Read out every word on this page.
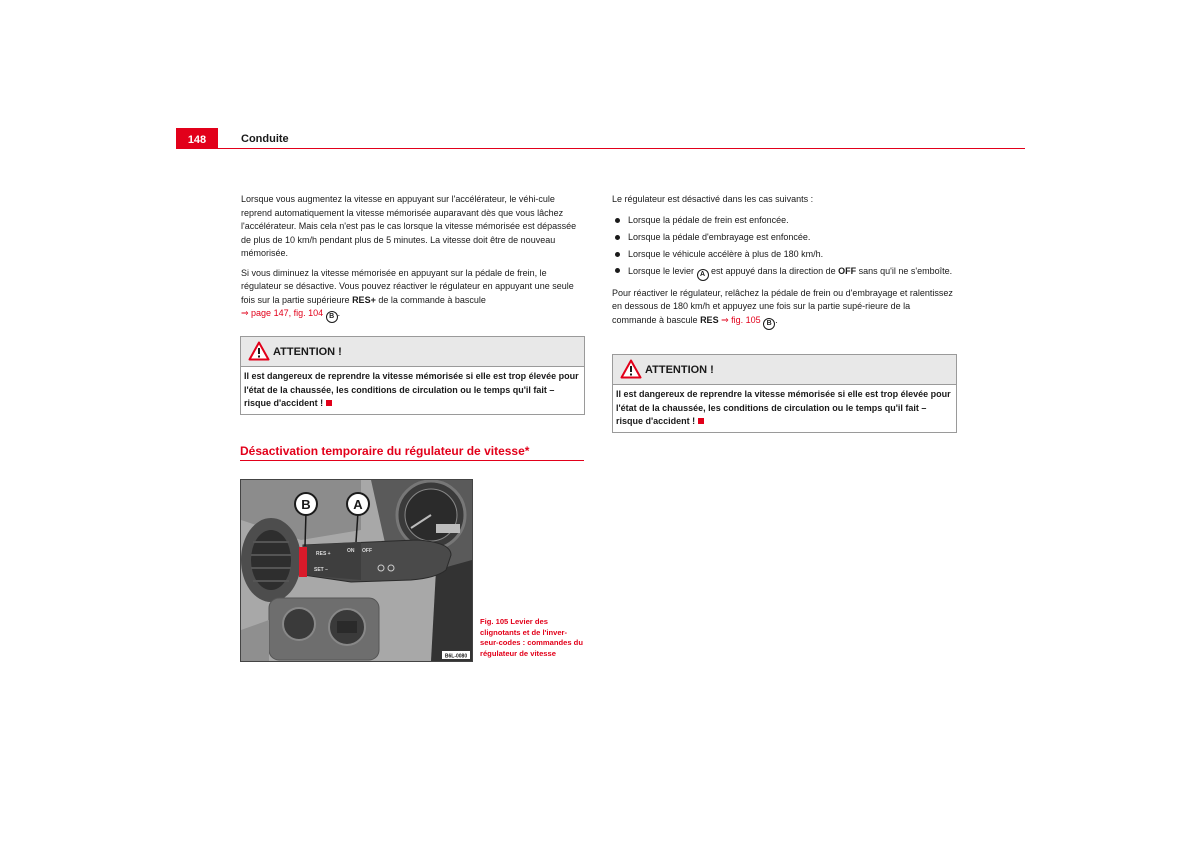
148	Conduite

Lorsque vous augmentez la vitesse en appuyant sur l'accélérateur, le véhi-cule reprend automatiquement la vitesse mémorisée auparavant dès que vous lâchez l'accélérateur. Mais cela n'est pas le cas lorsque la vitesse mémorisée est dépassée de plus de 10 km/h pendant plus de 5 minutes. La vitesse doit être de nouveau mémorisée.

Si vous diminuez la vitesse mémorisée en appuyant sur la pédale de frein, le régulateur se désactive. Vous pouvez réactiver le régulateur en appuyant une seule fois sur la partie supérieure RES+ de la commande à bascule
⇒ page 147, fig. 104 B .

ATTENTION !
Il est dangereux de reprendre la vitesse mémorisée si elle est trop élevée pour l'état de la chaussée, les conditions de circulation ou le temps qu'il fait – risque d'accident !
Désactivation temporaire du régulateur de vitesse*
RES +
SET –
ON OFF
B	A
B6L-0080
Fig. 105 Levier des clignotants et de l'inver-seur-codes : commandes du régulateur de vitesse

Le régulateur est désactivé dans les cas suivants :

Lorsque la pédale de frein est enfoncée.
Lorsque la pédale d'embrayage est enfoncée.
Lorsque le véhicule accélère à plus de 180 km/h.
Lorsque le levier A est appuyé dans la direction de OFF sans qu'il ne s'emboîte.

Pour réactiver le régulateur, relâchez la pédale de frein ou d'embrayage et ralentissez en dessous de 180 km/h et appuyez une fois sur la partie supé-rieure de la commande à bascule RES ⇒ fig. 105 B .

ATTENTION !
Il est dangereux de reprendre la vitesse mémorisée si elle est trop élevée pour l'état de la chaussée, les conditions de circulation ou le temps qu'il fait – risque d'accident !
